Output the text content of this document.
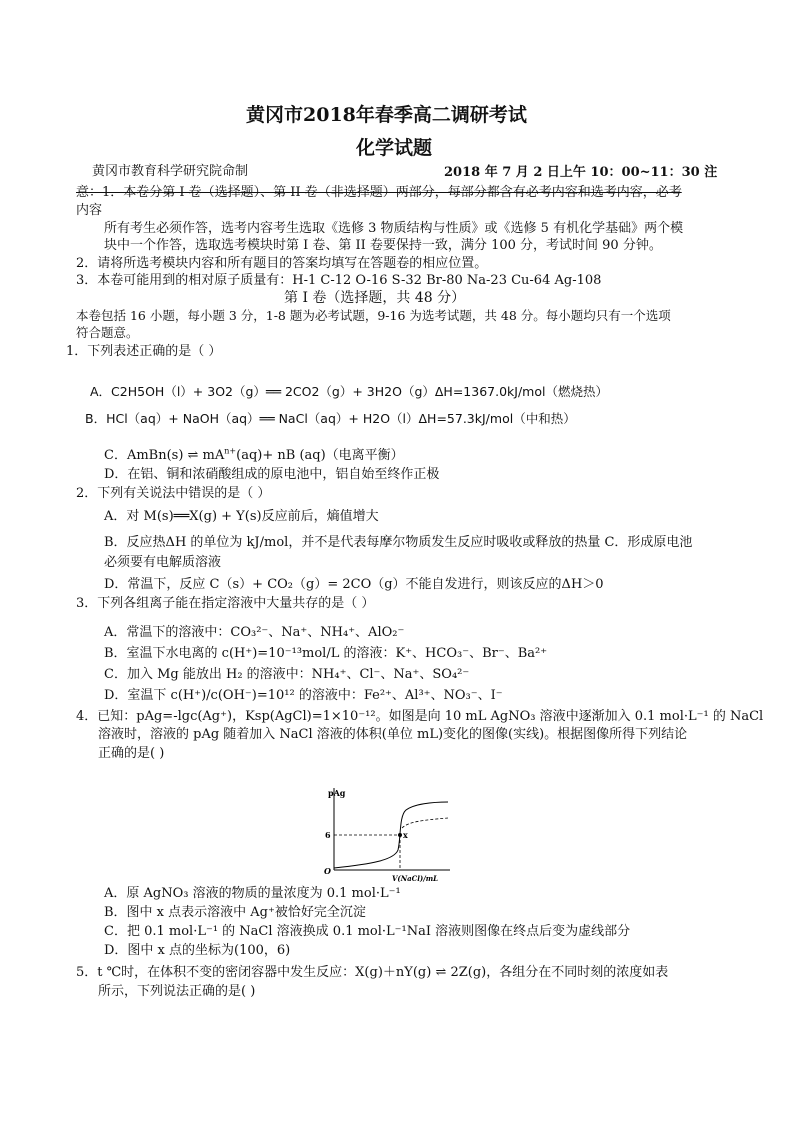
黄冈市2018年春季高二调研考试
化学试题
黄冈市教育科学研究院命制	2018 年 7 月 2 日上午 10：00~11：30 注
意：1．本卷分第 I 卷（选择题）、第 II 卷（非选择题）两部分，每部分都含有必考内容和选考内容，必考
内容
所有考生必须作答，选考内容考生选取《选修 3 物质结构与性质》或《选修 5 有机化学基础》两个模
块中一个作答，选取选考模块时第 I 卷、第 II 卷要保持一致，满分 100 分，考试时间 90 分钟。
2．请将所选考模块内容和所有题目的答案均填写在答题卷的相应位置。
3．本卷可能用到的相对原子质量有：H-1 C-12 O-16 S-32 Br-80 Na-23 Cu-64 Ag-108
第 I 卷（选择题，共 48 分）
本卷包括 16 小题，每小题 3 分，1-8 题为必考试题，9-16 为选考试题，共 48 分。每小题均只有一个选项
符合题意。
1．下列表述正确的是（ ）
A．C2H5OH（l）+ 3O2（g）══ 2CO2（g）+ 3H2O（g）ΔH=1367.0kJ/mol（燃烧热）
B．HCl（aq）+ NaOH（aq）══ NaCl（aq）+ H2O（l）ΔH=57.3kJ/mol（中和热）
C．AmBn(s) ⇌ $mA^{n+}(aq)+$ nB (aq)（电离平衡）
D．在铝、铜和浓硝酸组成的原电池中，铝自始至终作正极
2．下列有关说法中错误的是（ ）
A．对 M(s)══X(g) + Y(s)反应前后，熵值增大
B．反应热ΔH 的单位为 kJ/mol，并不是代表每摩尔物质发生反应时吸收或释放的热量 C．形成原电池
必须要有电解质溶液
D．常温下，反应 C（s）+ CO₂（g）= 2CO（g）不能自发进行，则该反应的ΔH＞0
3．下列各组离子能在指定溶液中大量共存的是（ ）
A．常温下的溶液中：CO₃²⁻、Na⁺、NH₄⁺、AlO₂⁻
B．室温下水电离的 c(H⁺)=10⁻¹³mol/L 的溶液：K⁺、HCO₃⁻、Br⁻、Ba²⁺
C．加入 Mg 能放出 H₂ 的溶液中：NH₄⁺、Cl⁻、Na⁺、SO₄²⁻
D．室温下 c(H⁺)/c(OH⁻)=10¹² 的溶液中：Fe²⁺、Al³⁺、NO₃⁻、I⁻
4．已知：pAg=-lgc(Ag⁺)，Ksp(AgCl)=1×10⁻¹²。如图是向 10 mL AgNO₃ 溶液中逐渐加入 0.1 mol·L⁻¹ 的 NaCl
溶液时，溶液的 pAg 随着加入 NaCl 溶液的体积(单位 mL)变化的图像(实线)。根据图像所得下列结论
正确的是( )
pAg
O
6	x
V(NaCl)/mL
A．原 AgNO₃ 溶液的物质的量浓度为 0.1 mol·L⁻¹
B．图中 x 点表示溶液中 Ag⁺被恰好完全沉淀
C．把 0.1 mol·L⁻¹ 的 NaCl 溶液换成 0.1 mol·L⁻¹NaI 溶液则图像在终点后变为虚线部分
D．图中 x 点的坐标为(100，6)
5．t ℃时，在体积不变的密闭容器中发生反应：X(g)＋nY(g) ⇌ 2Z(g)，各组分在不同时刻的浓度如表
所示，下列说法正确的是( )
